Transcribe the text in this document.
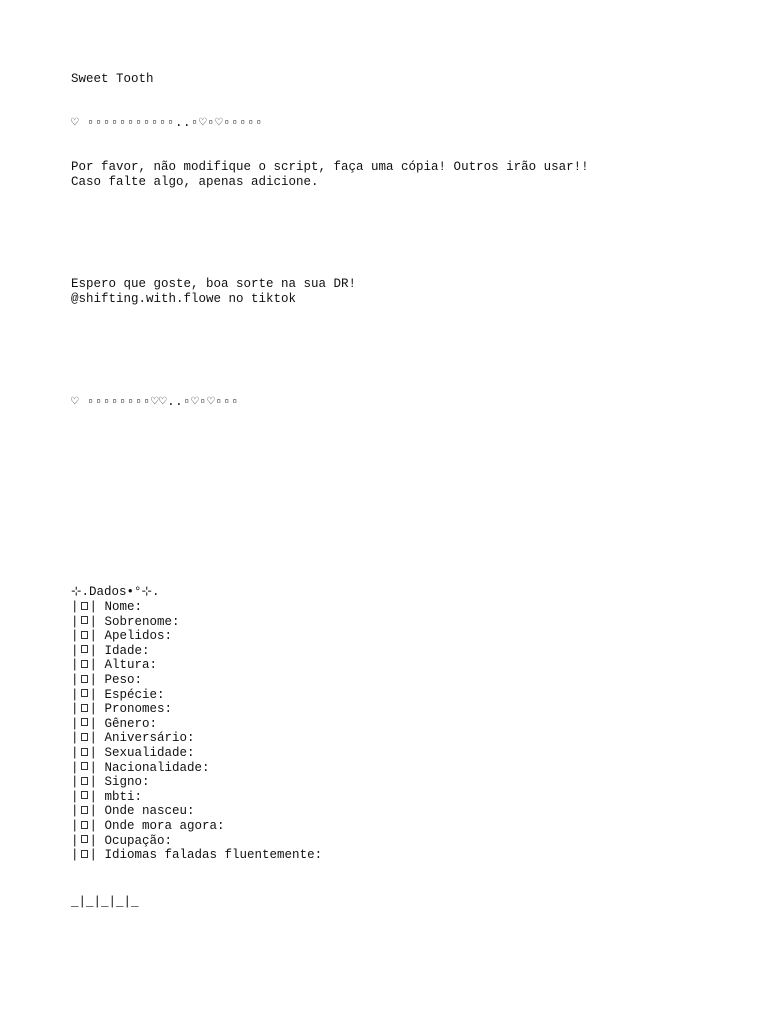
Sweet Tooth
♡ ▫▫▫▫▫▫▫▫▫▫▫..▫♡▫♡▫▫▫▫▫
Por favor, não modifique o script, faça uma cópia! Outros irão usar!!
Caso falte algo, apenas adicione.
Espero que goste, boa sorte na sua DR!
@shifting.with.flowe no tiktok
♡ ▫▫▫▫▫▫▫▫♡♡..▫♡▫♡▫▫▫
⊹.Dados•°⊹.
| | Nome:
| | Sobrenome:
| | Apelidos:
| | Idade:
| | Altura:
| | Peso:
| | Espécie:
| | Pronomes:
| | Gênero:
| | Aniversário:
| | Sexualidade:
| | Nacionalidade:
| | Signo:
| | mbti:
| | Onde nasceu:
| | Onde mora agora:
| | Ocupação:
| | Idiomas faladas fluentemente:
_|_|_|_|_
